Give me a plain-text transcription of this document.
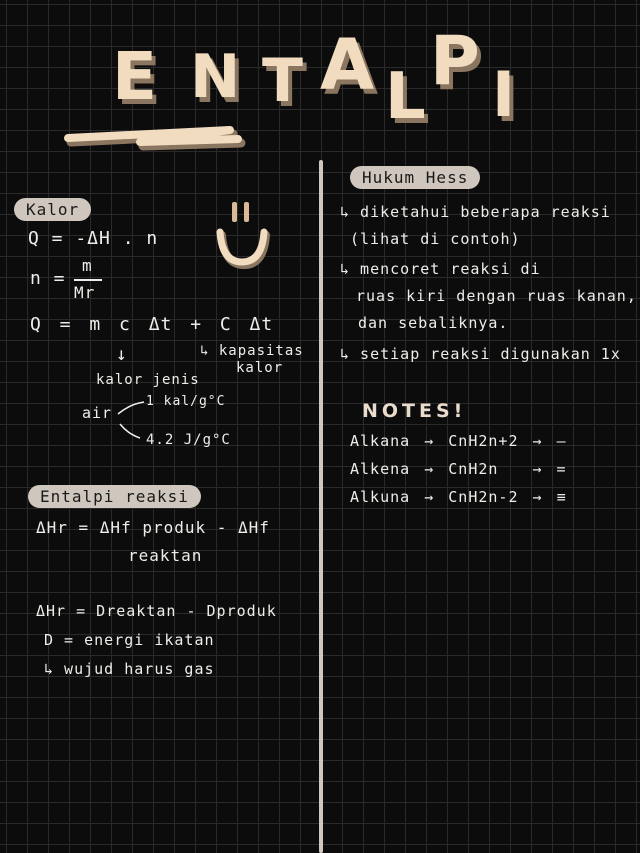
E N T A L P I
Kalor
Q = -ΔH . n
n =
m
Mr
Q = m c Δt + C Δt
↓	↳ kapasitas
kalor
kalor jenis
air
1 kal/g°C
4.2 J/g°C
Entalpi reaksi
ΔHr = ΔHf produk - ΔHf
reaktan
ΔHr = Dreaktan - Dproduk
D = energi ikatan
↳ wujud harus gas
Hukum Hess
↳ diketahui beberapa reaksi
(lihat di contoh)
↳ mencoret reaksi di
ruas kiri dengan ruas kanan,
dan sebaliknya.
↳ setiap reaksi digunakan 1x
NOTES!
Alkana → CnH2n+2 → —
Alkena → CnH2n → =
Alkuna → CnH2n-2 → ≡
